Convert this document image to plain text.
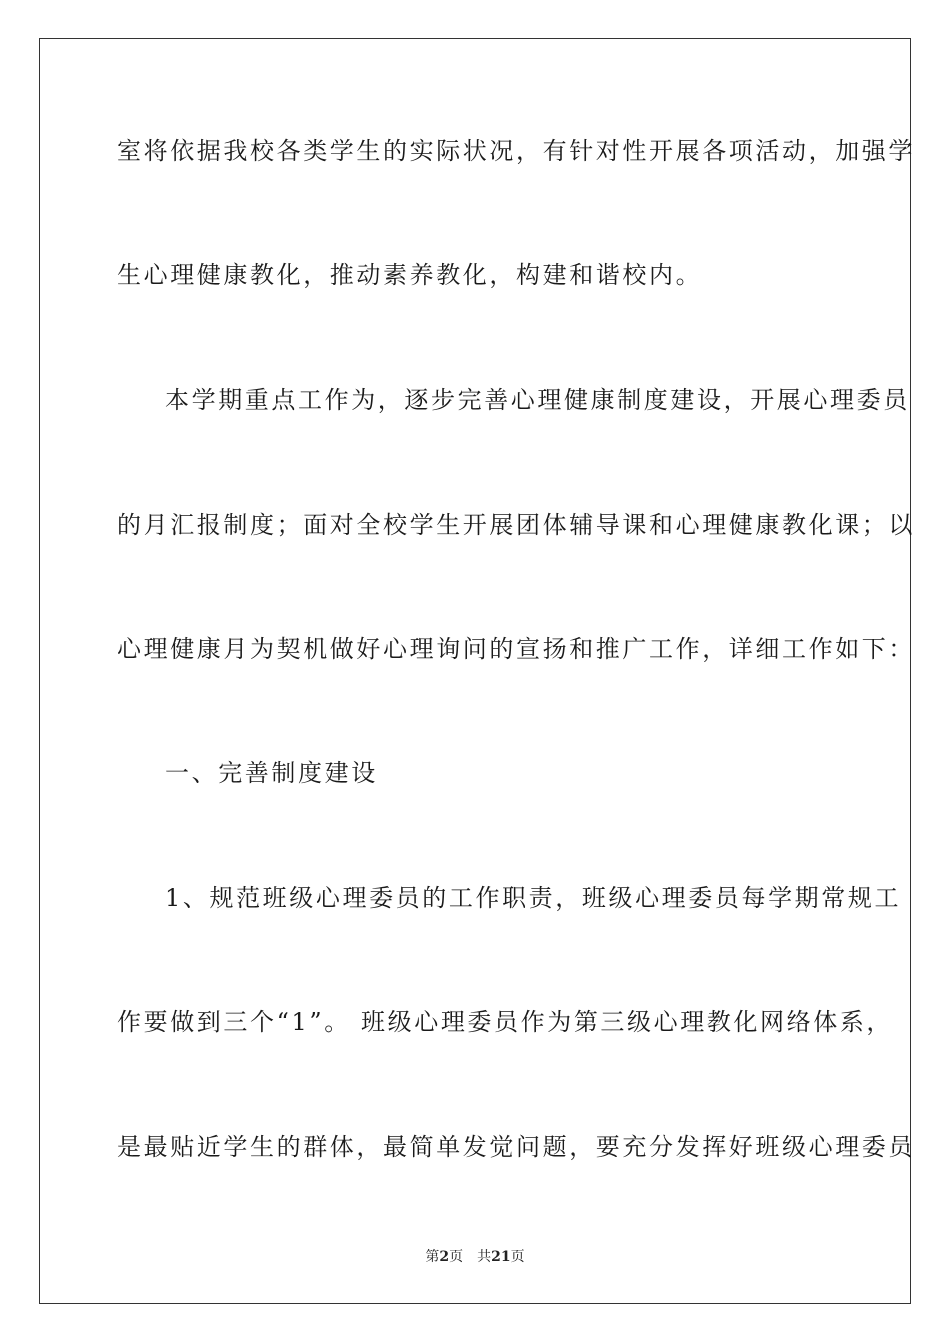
室将依据我校各类学生的实际状况，有针对性开展各项活动，加强学
生心理健康教化，推动素养教化，构建和谐校内。
本学期重点工作为，逐步完善心理健康制度建设，开展心理委员
的月汇报制度；面对全校学生开展团体辅导课和心理健康教化课；以
心理健康月为契机做好心理询问的宣扬和推广工作，详细工作如下：
一、完善制度建设
1、规范班级心理委员的工作职责，班级心理委员每学期常规工
作要做到三个“1”。 班级心理委员作为第三级心理教化网络体系，
是最贴近学生的群体，最简单发觉问题，要充分发挥好班级心理委员
第2页 共21页
